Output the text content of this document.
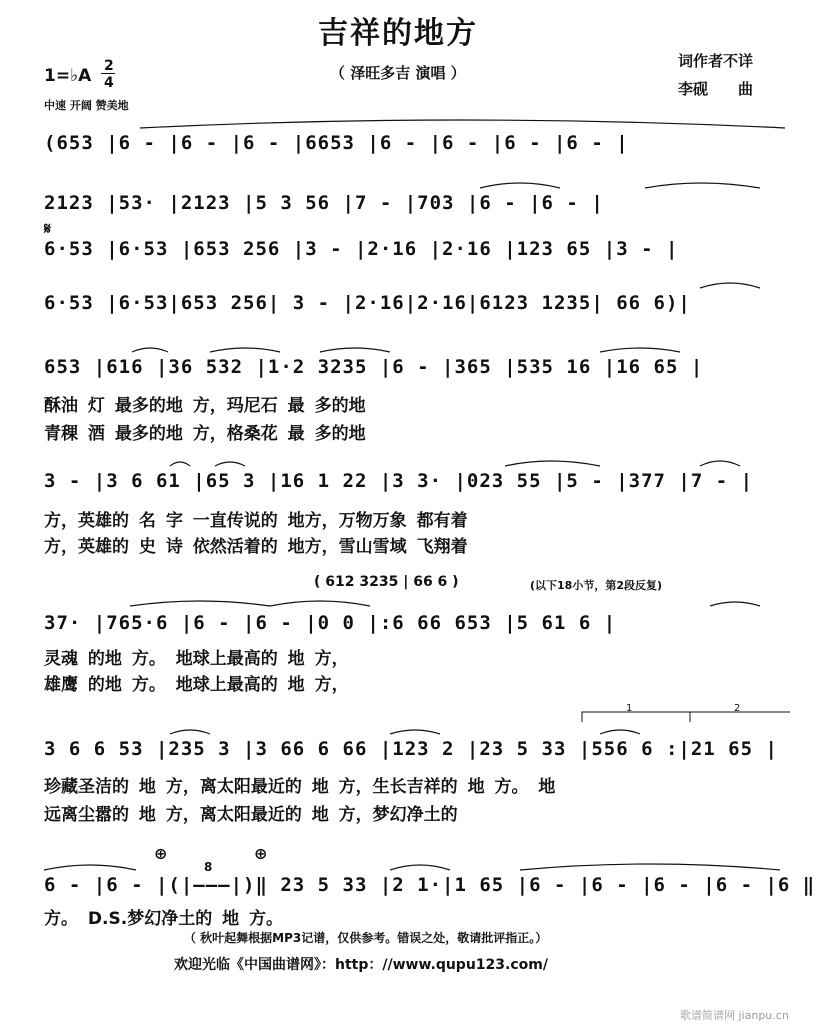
吉祥的地方
（ 泽旺多吉 演唱 ）
1=♭A 2
4
中速 开阔 赞美地
词作者不详
李砚　　曲
(653 |6 - |6 - |6 - |6653 |6 - |6 - |6 - |6 - |
2123 |53· |2123 |5 3 56 |7 - |703 |6 - |6 - |
𝄋
6·53 |6·53 |653 256 |3 - |2·16 |2·16 |123 65 |3 - |
6·53 |6·53|653 256| 3 - |2·16|2·16|6123 1235| 66 6)|
653 |616 |36 532 |1·2 3235 |6 - |365 |535 16 |16 65 |
酥油 灯 最多的地 方，玛尼石 最 多的地
青稞 酒 最多的地 方，格桑花 最 多的地
3 - |3 6 61 |65 3 |16 1 22 |3 3· |023 55 |5 - |377 |7 - |
方，英雄的 名 字 一直传说的 地方，万物万象 都有着
方，英雄的 史 诗 依然活着的 地方，雪山雪域 飞翔着
( 612 3235 | 66 6 )	(以下18小节，第2段反复)
37· |765·6 |6 - |6 - |0 0 |:6 66 653 |5 61 6 |
灵魂 的地 方。 地球上最高的 地 方，
雄鹰 的地 方。 地球上最高的 地 方，
1	2
3 6 6 53 |235 3 |3 66 6 66 |123 2 |23 5 33 |556 6 :|21 65 |
珍藏圣洁的 地 方，离太阳最近的 地 方，生长吉祥的 地 方。 地
远离尘嚣的 地 方，离太阳最近的 地 方，梦幻净土的
⊕	⊕
8
6 - |6 - |(|———|)‖ 23 5 33 |2 1·|1 65 |6 - |6 - |6 - |6 - |6 ‖
方。 D.S.梦幻净土的 地 方。
（ 秋叶起舞根据MP3记谱，仅供参考。错误之处，敬请批评指正。）
欢迎光临《中国曲谱网》：http：//www.qupu123.com/
歌谱简谱网 jianpu.cn
